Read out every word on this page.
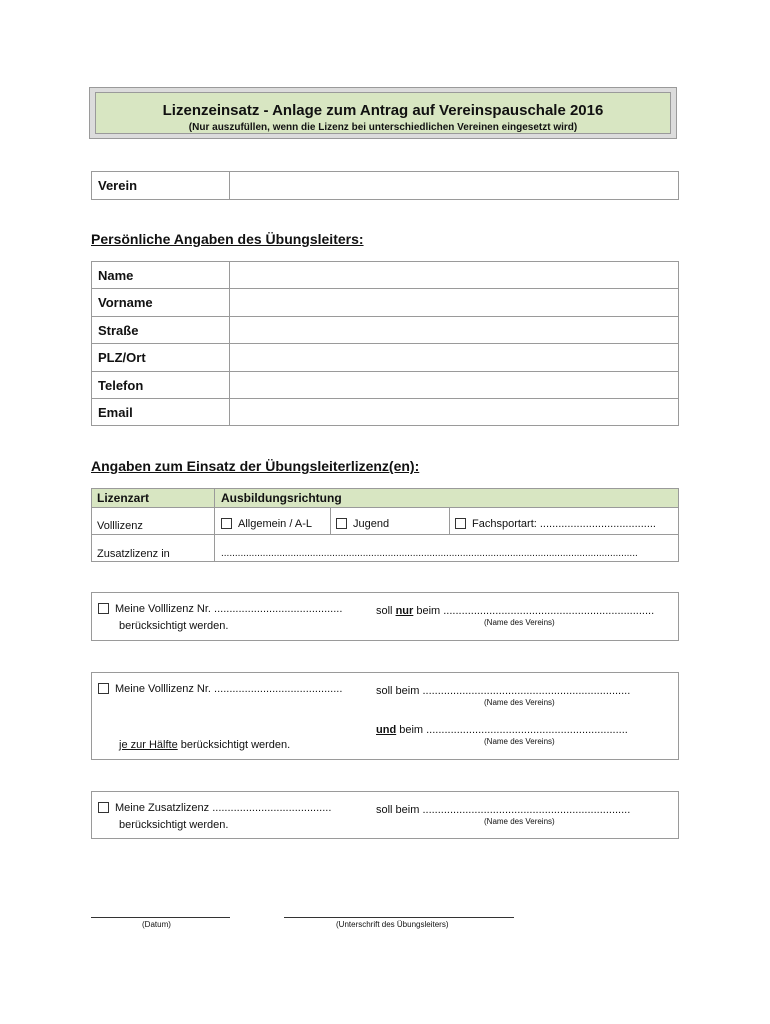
Lizenzeinsatz - Anlage zum Antrag auf Vereinspauschale 2016
(Nur auszufüllen, wenn die Lizenz bei unterschiedlichen Vereinen eingesetzt wird)
Verein	
Persönliche Angaben des Übungsleiters:
Name	
Vorname	
Straße	
PLZ/Ort	
Telefon	
Email	
Angaben zum Einsatz der Übungsleiterlizenz(en):
Lizenzart	Ausbildungsrichtung
Volllizenz	Allgemein / A-L	Jugend	Fachsportart: ......................................
Zusatzlizenz in	......................................................................................................................................................
Meine Volllizenz Nr. ..........................................	soll nur beim .....................................................................
(Name des Vereins)
berücksichtigt werden.
Meine Volllizenz Nr. ..........................................	soll beim ....................................................................
(Name des Vereins)
und beim ..................................................................
(Name des Vereins)
je zur Hälfte berücksichtigt werden.
Meine Zusatzlizenz .......................................	soll beim ....................................................................
(Name des Vereins)
berücksichtigt werden.
(Datum)	(Unterschrift des Übungsleiters)
